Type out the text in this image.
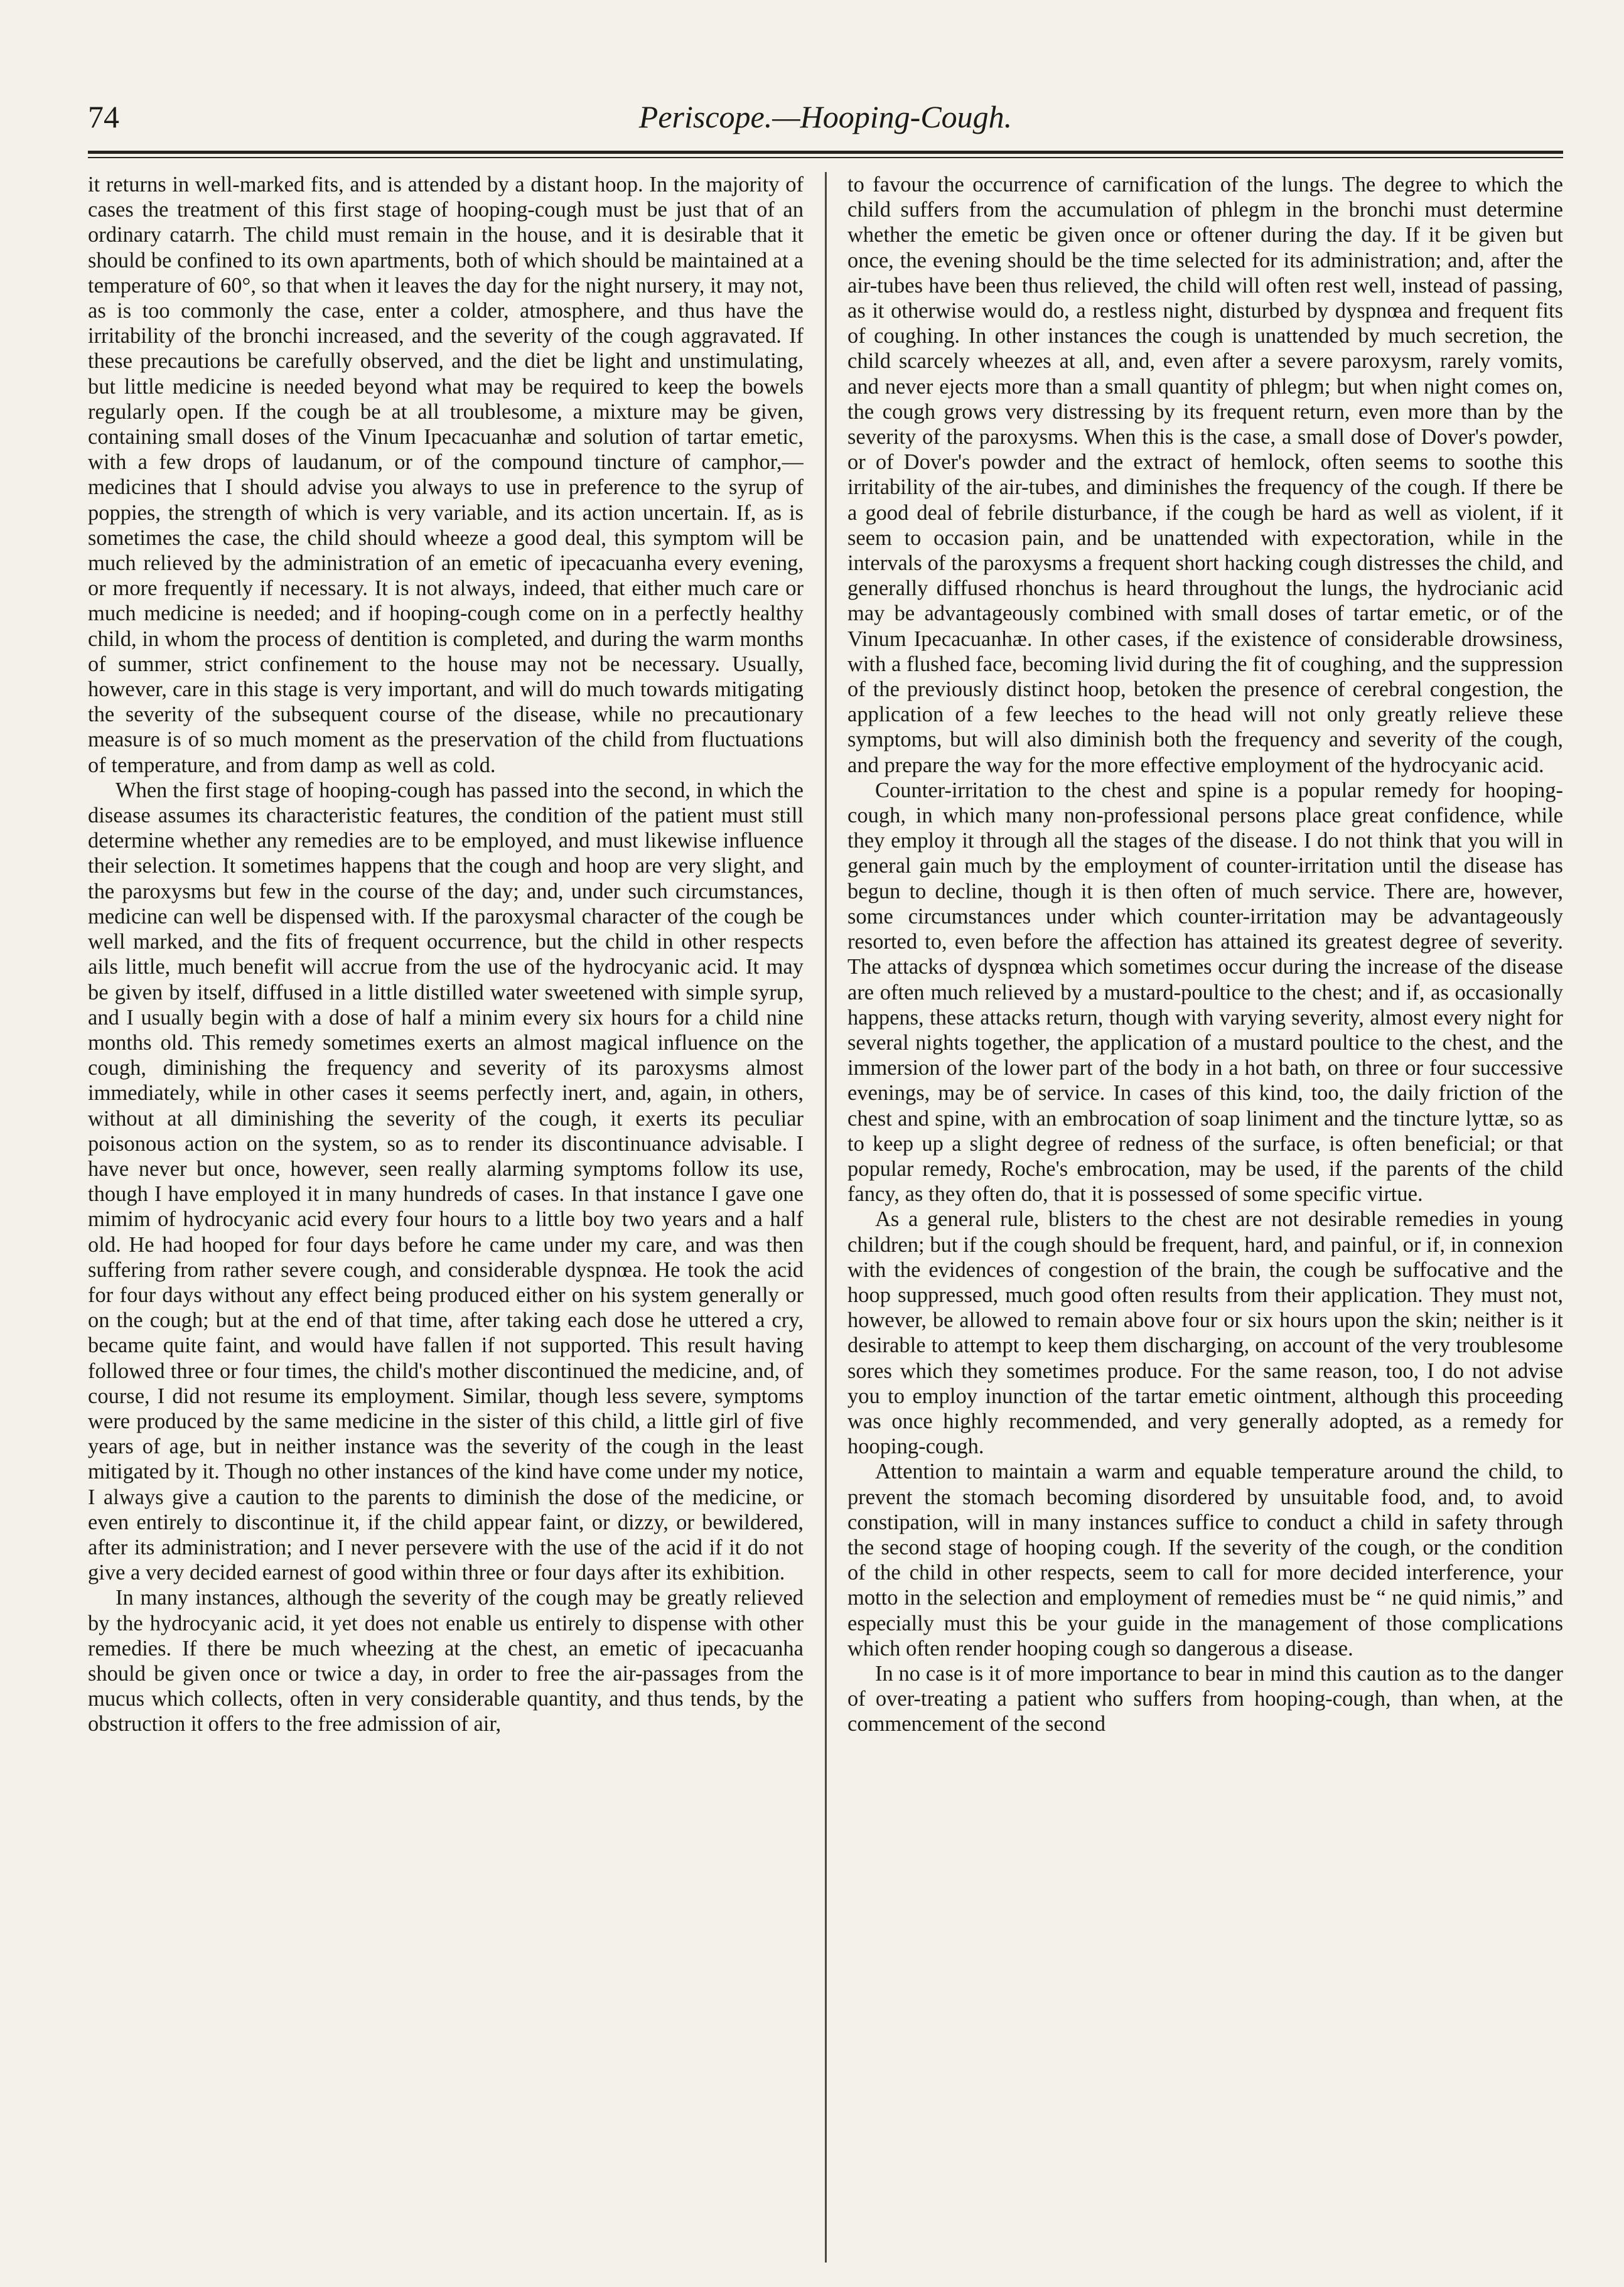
74	Periscope.—Hooping-Cough.

it returns in well-marked fits, and is attended by a distant hoop. In the majority of cases the treatment of this first stage of hooping-cough must be just that of an ordinary catarrh. The child must remain in the house, and it is desirable that it should be confined to its own apartments, both of which should be maintained at a temperature of 60°, so that when it leaves the day for the night nursery, it may not, as is too commonly the case, enter a colder, atmosphere, and thus have the irritability of the bronchi increased, and the severity of the cough aggravated. If these precautions be carefully observed, and the diet be light and unstimulating, but little medicine is needed beyond what may be required to keep the bowels regularly open. If the cough be at all troublesome, a mixture may be given, containing small doses of the Vinum Ipecacuanhæ and solution of tartar emetic, with a few drops of laudanum, or of the compound tincture of camphor,—medicines that I should advise you always to use in preference to the syrup of poppies, the strength of which is very variable, and its action uncertain. If, as is sometimes the case, the child should wheeze a good deal, this symptom will be much relieved by the administration of an emetic of ipecacuanha every evening, or more frequently if necessary. It is not always, indeed, that either much care or much medicine is needed; and if hooping-cough come on in a perfectly healthy child, in whom the process of dentition is completed, and during the warm months of summer, strict confinement to the house may not be necessary. Usually, however, care in this stage is very important, and will do much towards mitigating the severity of the subsequent course of the disease, while no precautionary measure is of so much moment as the preservation of the child from fluctuations of temperature, and from damp as well as cold.

When the first stage of hooping-cough has passed into the second, in which the disease assumes its characteristic features, the condition of the patient must still determine whether any remedies are to be employed, and must likewise influence their selection. It sometimes happens that the cough and hoop are very slight, and the paroxysms but few in the course of the day; and, under such circumstances, medicine can well be dispensed with. If the paroxysmal character of the cough be well marked, and the fits of frequent occurrence, but the child in other respects ails little, much benefit will accrue from the use of the hydrocyanic acid. It may be given by itself, diffused in a little distilled water sweetened with simple syrup, and I usually begin with a dose of half a minim every six hours for a child nine months old. This remedy sometimes exerts an almost magical influence on the cough, diminishing the frequency and severity of its paroxysms almost immediately, while in other cases it seems perfectly inert, and, again, in others, without at all diminishing the severity of the cough, it exerts its peculiar poisonous action on the system, so as to render its discontinuance advisable. I have never but once, however, seen really alarming symptoms follow its use, though I have employed it in many hundreds of cases. In that instance I gave one mimim of hydrocyanic acid every four hours to a little boy two years and a half old. He had hooped for four days before he came under my care, and was then suffering from rather severe cough, and considerable dyspnœa. He took the acid for four days without any effect being produced either on his system generally or on the cough; but at the end of that time, after taking each dose he uttered a cry, became quite faint, and would have fallen if not supported. This result having followed three or four times, the child's mother discontinued the medicine, and, of course, I did not resume its employment. Similar, though less severe, symptoms were produced by the same medicine in the sister of this child, a little girl of five years of age, but in neither instance was the severity of the cough in the least mitigated by it. Though no other instances of the kind have come under my notice, I always give a caution to the parents to diminish the dose of the medicine, or even entirely to discontinue it, if the child appear faint, or dizzy, or bewildered, after its administration; and I never persevere with the use of the acid if it do not give a very decided earnest of good within three or four days after its exhibition.

In many instances, although the severity of the cough may be greatly relieved by the hydrocyanic acid, it yet does not enable us entirely to dispense with other remedies. If there be much wheezing at the chest, an emetic of ipecacuanha should be given once or twice a day, in order to free the air-passages from the mucus which collects, often in very considerable quantity, and thus tends, by the obstruction it offers to the free admission of air,

to favour the occurrence of carnification of the lungs. The degree to which the child suffers from the accumulation of phlegm in the bronchi must determine whether the emetic be given once or oftener during the day. If it be given but once, the evening should be the time selected for its administration; and, after the air-tubes have been thus relieved, the child will often rest well, instead of passing, as it otherwise would do, a restless night, disturbed by dyspnœa and frequent fits of coughing. In other instances the cough is unattended by much secretion, the child scarcely wheezes at all, and, even after a severe paroxysm, rarely vomits, and never ejects more than a small quantity of phlegm; but when night comes on, the cough grows very distressing by its frequent return, even more than by the severity of the paroxysms. When this is the case, a small dose of Dover's powder, or of Dover's powder and the extract of hemlock, often seems to soothe this irritability of the air-tubes, and diminishes the frequency of the cough. If there be a good deal of febrile disturbance, if the cough be hard as well as violent, if it seem to occasion pain, and be unattended with expectoration, while in the intervals of the paroxysms a frequent short hacking cough distresses the child, and generally diffused rhonchus is heard throughout the lungs, the hydrocianic acid may be advantageously combined with small doses of tartar emetic, or of the Vinum Ipecacuanhæ. In other cases, if the existence of considerable drowsiness, with a flushed face, becoming livid during the fit of coughing, and the suppression of the previously distinct hoop, betoken the presence of cerebral congestion, the application of a few leeches to the head will not only greatly relieve these symptoms, but will also diminish both the frequency and severity of the cough, and prepare the way for the more effective employment of the hydrocyanic acid.

Counter-irritation to the chest and spine is a popular remedy for hooping-cough, in which many non-professional persons place great confidence, while they employ it through all the stages of the disease. I do not think that you will in general gain much by the employment of counter-irritation until the disease has begun to decline, though it is then often of much service. There are, however, some circumstances under which counter-irritation may be advantageously resorted to, even before the affection has attained its greatest degree of severity. The attacks of dyspnœa which sometimes occur during the increase of the disease are often much relieved by a mustard-poultice to the chest; and if, as occasionally happens, these attacks return, though with varying severity, almost every night for several nights together, the application of a mustard poultice to the chest, and the immersion of the lower part of the body in a hot bath, on three or four successive evenings, may be of service. In cases of this kind, too, the daily friction of the chest and spine, with an embrocation of soap liniment and the tincture lyttæ, so as to keep up a slight degree of redness of the surface, is often beneficial; or that popular remedy, Roche's embrocation, may be used, if the parents of the child fancy, as they often do, that it is possessed of some specific virtue.

As a general rule, blisters to the chest are not desirable remedies in young children; but if the cough should be frequent, hard, and painful, or if, in connexion with the evidences of congestion of the brain, the cough be suffocative and the hoop suppressed, much good often results from their application. They must not, however, be allowed to remain above four or six hours upon the skin; neither is it desirable to attempt to keep them discharging, on account of the very troublesome sores which they sometimes produce. For the same reason, too, I do not advise you to employ inunction of the tartar emetic ointment, although this proceeding was once highly recommended, and very generally adopted, as a remedy for hooping-cough.

Attention to maintain a warm and equable temperature around the child, to prevent the stomach becoming disordered by unsuitable food, and, to avoid constipation, will in many instances suffice to conduct a child in safety through the second stage of hooping cough. If the severity of the cough, or the condition of the child in other respects, seem to call for more decided interference, your motto in the selection and employment of remedies must be “ ne quid nimis,” and especially must this be your guide in the management of those complications which often render hooping cough so dangerous a disease.

In no case is it of more importance to bear in mind this caution as to the danger of over-treating a patient who suffers from hooping-cough, than when, at the commencement of the second
